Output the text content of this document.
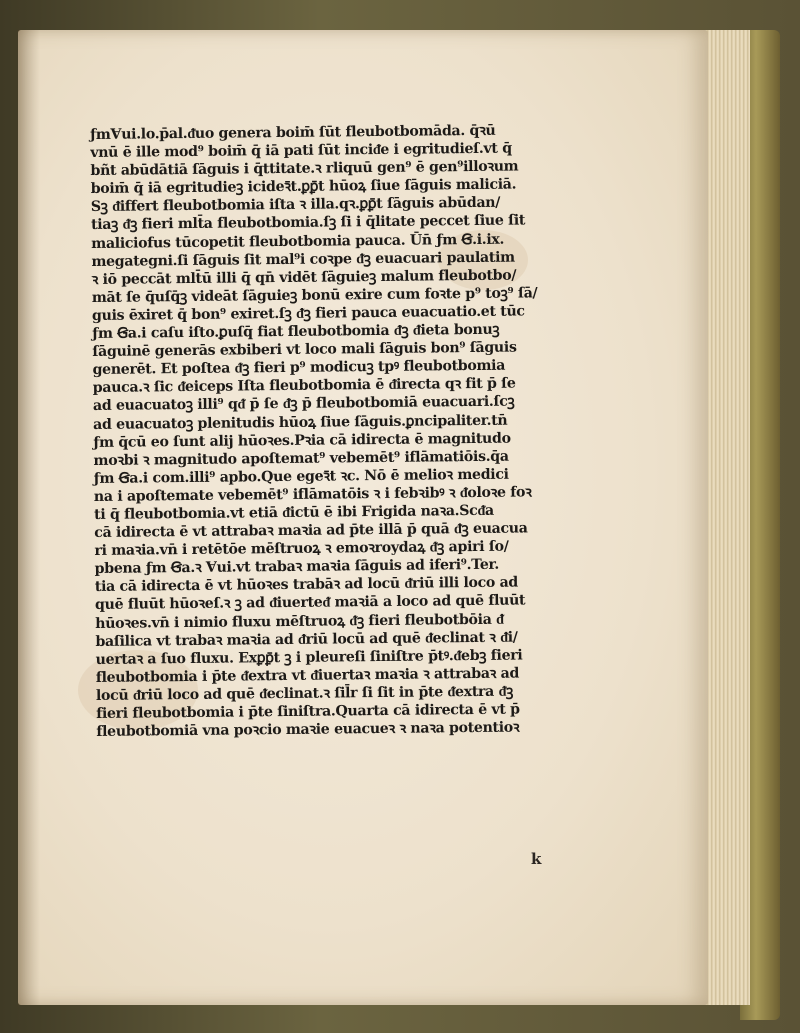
ƒmⱯui.lo.p̄al.ᵭuo genera boim̄ ſūt fleubotbomāda. q̄ꝛū
vnū ē ille mod⁹ boim̄ q̄ iā pati ſūt inciᵭe i egritudieſ.vt q̄
bñt abūdātiā ſāguis i q̄ttitate.ꝛ rliquū gen⁹ ē gen⁹illoꝛum
boim̄ q̄ iā egritudieꝫ icideꝛ̄t.ꝑꝑ̄t hūoꝝ ſiue ſāguis maliciā.
Sꝫ ᵭiffert fleubotbomia iſta ꝛ illa.qꝛ.ꝑꝑ̄t ſāguis abūdan/
tiaꝫ ᵭꝫ fieri mlt̄a fleubotbomia.ſꝫ ſi i q̄litate peccet ſiue ſit
maliciofus tūcopetit fleubotbomia pauca. Ūn̄ ƒm Ꞡ.i.ix.
megategni.ſi ſāguis ſit mal⁹i coꝛpe ᵭꝫ euacuari paulatim
ꝛ iō peccāt mlt̄ū illi q̄ qn̄ vidēt ſāguieꝫ malum fleubotbo/
māt ſe q̄uſq̄ꝫ videāt ſāguieꝫ bonū exire cum foꝛte p⁹ toꝫ⁹ ſā/
guis ēxiret q̄ bon⁹ exiret.ſꝫ ᵭꝫ fieri pauca euacuatio.et tūc
ƒm Ꞡa.i caſu iſto.ꝑuſq̄ fiat fleubotbomia ᵭꝫ ᵭieta bonuꝫ
ſāguinē generās exbiberi vt loco mali ſāguis bon⁹ ſāguis
generēt. Et poſtea ᵭꝫ fieri p⁹ modicuꝫ tpꝰ fleubotbomia
pauca.ꝛ ſic ᵭeiceps Iſta fleubotbomia ē ᵭirecta qꝛ fit p̄ ſe
ad euacuatoꝫ illi⁹ qᵭ p̄ ſe ᵭꝫ p̄ fleubotbomiā euacuari.ſcꝫ
ad euacuatoꝫ plenitudis hūoꝝ ſiue ſāguis.ꝑncipaliter.tn̄
ƒm q̄cū eo ſunt alij hūoꝛes.Pꝛia cā idirecta ē magnitudo
moꝛbi ꝛ magnitudo apoſtemat⁹ vebemēt⁹ iflāmatiōis.q̄a
ƒm Ꞡa.i com.illi⁹ apbo.Que egeꝛ̄t ꝛc. Nō ē melioꝛ medici
na i apoſtemate vebemēt⁹ iflāmatōis ꝛ i febꝛibꝰ ꝛ ᵭoloꝛe foꝛ
ti q̄ fleubotbomia.vt etiā ᵭictū ē ibi Frigida naꝛa.Scᵭa
cā idirecta ē vt attrabaꝛ maꝛia ad p̄te illā p̄ quā ᵭꝫ euacua
ri maꝛia.vn̄ i retētōe mēſtruoꝝ ꝛ emoꝛroydaꝝ ᵭꝫ apiri ſo/
pbena ƒm Ꞡa.ꝛ Ɐui.vt trabaꝛ maꝛia ſāguis ad iferi⁹.Ter.
tia cā idirecta ē vt hūoꝛes trabāꝛ ad locū ᵭriū illi loco ad
quē fluūt hūoꝛeſ.ꝛ ꝫ ad ᵭiuerteᵭ maꝛiā a loco ad quē fluūt
hūoꝛes.vn̄ i nimio fluxu mēſtruoꝝ ᵭꝫ fieri fleubotbōia ᵭ
baſilica vt trabaꝛ maꝛia ad ᵭriū locū ad quē ᵭeclinat ꝛ ᵭi/
uertaꝛ a ſuo fluxu. Exꝑꝑ̄t ꝫ i pleureſi ſiniſtre p̄tꝰ.ᵭebꝫ fieri
fleubotbomia i p̄te ᵭextra vt ᵭiuertaꝛ maꝛia ꝛ attrabaꝛ ad
locū ᵭriū loco ad quē ᵭeclinat.ꝛ ſil̄r ſi ſit in p̄te ᵭextra ᵭꝫ
fieri fleubotbomia i p̄te ſiniſtra.Quarta cā idirecta ē vt p̄
fleubotbomiā vna poꝛcio maꝛie euacueꝛ ꝛ naꝛa potentioꝛ
k
